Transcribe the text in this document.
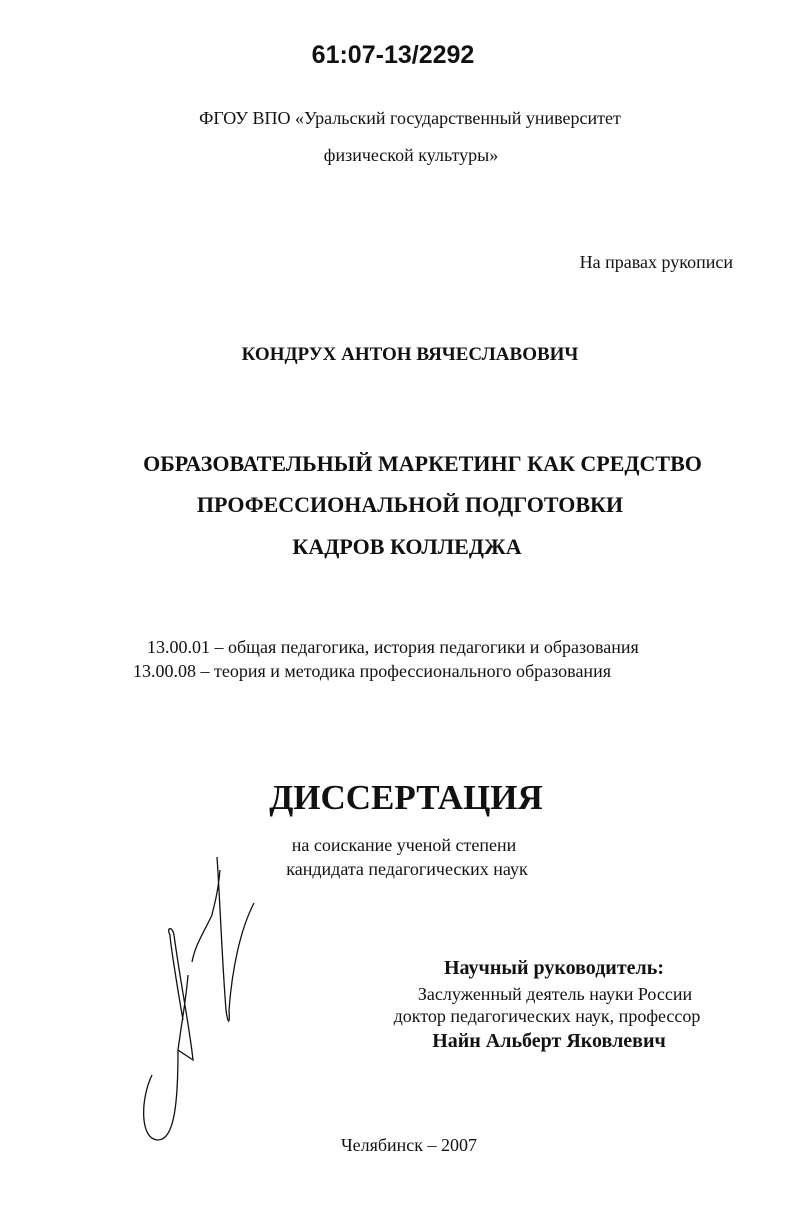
61:07-13/2292
ФГОУ ВПО «Уральский государственный университет
физической культуры»
На правах рукописи
КОНДРУХ АНТОН ВЯЧЕСЛАВОВИЧ
ОБРАЗОВАТЕЛЬНЫЙ МАРКЕТИНГ КАК СРЕДСТВО
ПРОФЕССИОНАЛЬНОЙ ПОДГОТОВКИ
КАДРОВ КОЛЛЕДЖА
13.00.01 – общая педагогика, история педагогики и образования
13.00.08 – теория и методика профессионального образования
ДИССЕРТАЦИЯ
на соискание ученой степени
кандидата педагогических наук
Научный руководитель:
Заслуженный деятель науки России
доктор педагогических наук, профессор
Найн Альберт Яковлевич
Челябинск – 2007
